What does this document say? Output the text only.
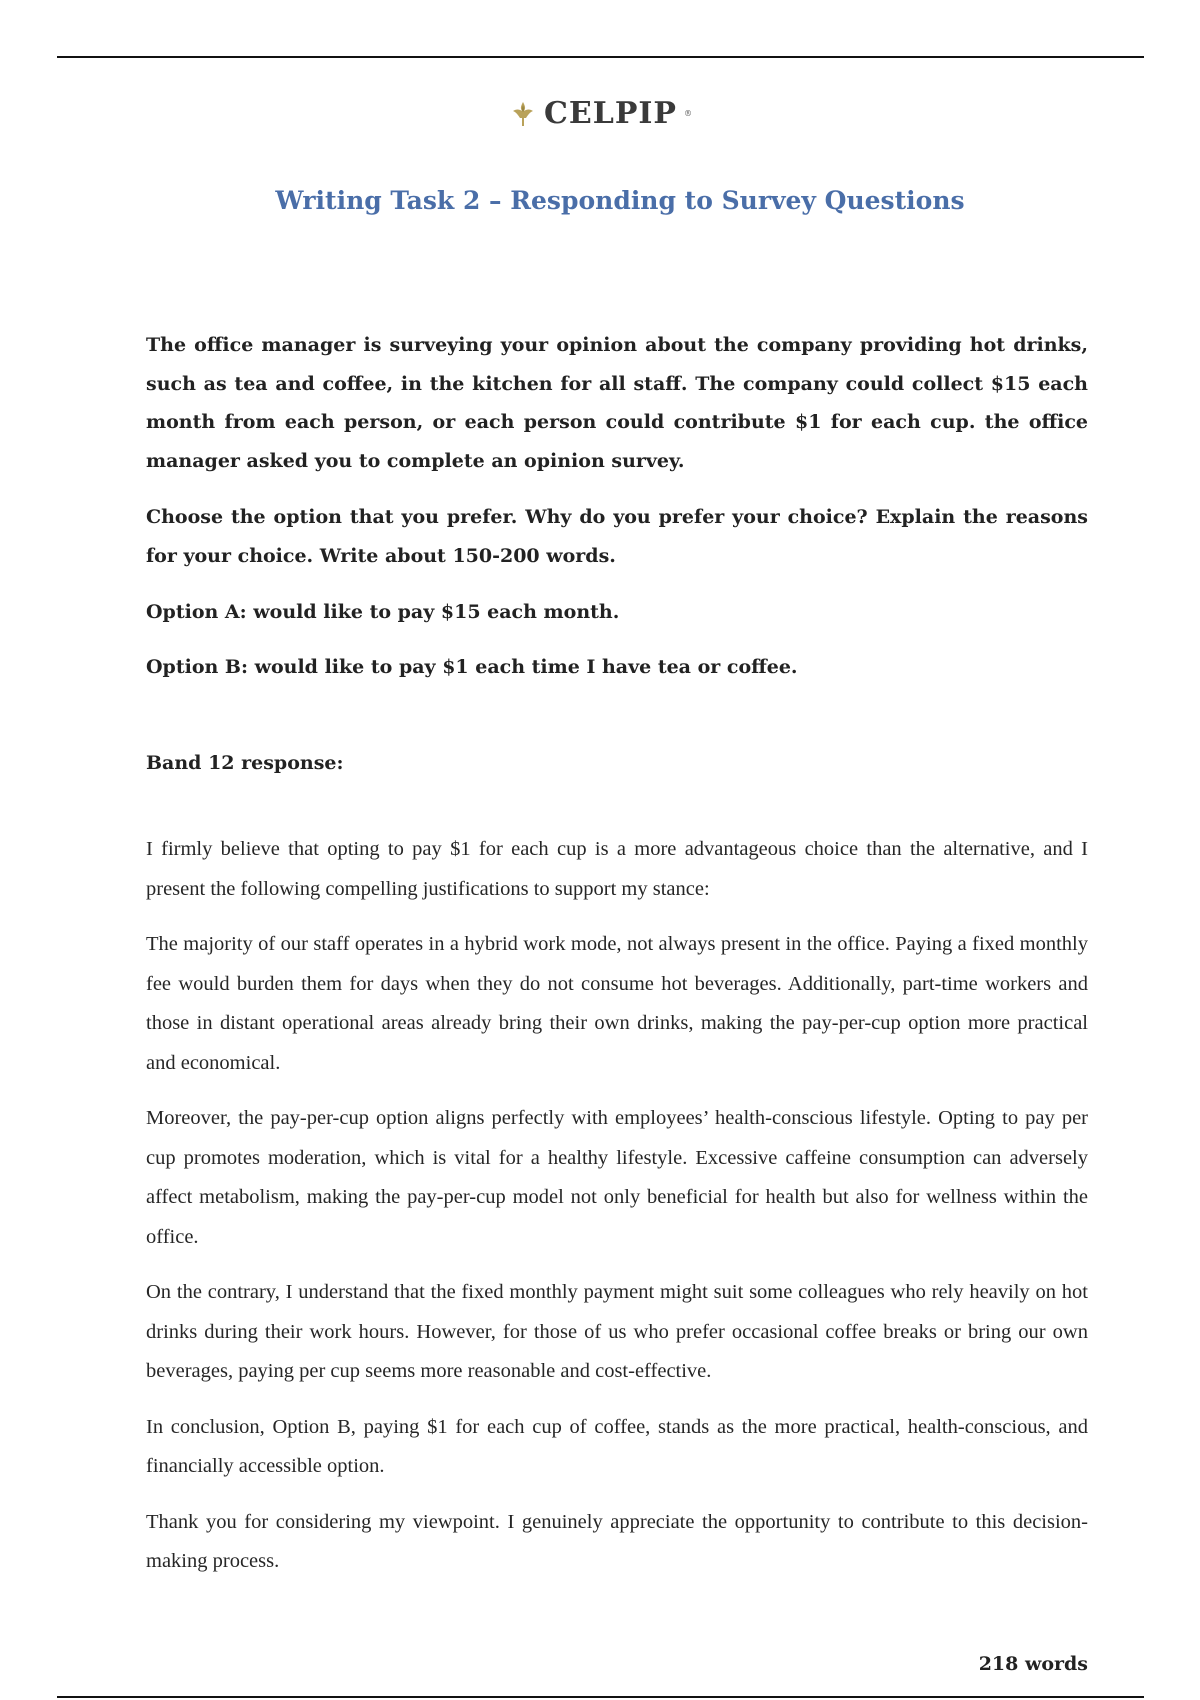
CELPIP ®
Writing Task 2 – Responding to Survey Questions

The office manager is surveying your opinion about the company providing hot drinks, such as tea and coffee, in the kitchen for all staff. The company could collect $15 each month from each person, or each person could contribute $1 for each cup. the office manager asked you to complete an opinion survey.

Choose the option that you prefer. Why do you prefer your choice? Explain the reasons for your choice. Write about 150-200 words.

Option A: would like to pay $15 each month.

Option B: would like to pay $1 each time I have tea or coffee.

Band 12 response:

I firmly believe that opting to pay $1 for each cup is a more advantageous choice than the alternative, and I present the following compelling justifications to support my stance:

The majority of our staff operates in a hybrid work mode, not always present in the office. Paying a fixed monthly fee would burden them for days when they do not consume hot beverages. Additionally, part-time workers and those in distant operational areas already bring their own drinks, making the pay-per-cup option more practical and economical.

Moreover, the pay-per-cup option aligns perfectly with employees’ health-conscious lifestyle. Opting to pay per cup promotes moderation, which is vital for a healthy lifestyle. Excessive caffeine consumption can adversely affect metabolism, making the pay-per-cup model not only beneficial for health but also for wellness within the office.

On the contrary, I understand that the fixed monthly payment might suit some colleagues who rely heavily on hot drinks during their work hours. However, for those of us who prefer occasional coffee breaks or bring our own beverages, paying per cup seems more reasonable and cost-effective.

In conclusion, Option B, paying $1 for each cup of coffee, stands as the more practical, health-conscious, and financially accessible option.

Thank you for considering my viewpoint. I genuinely appreciate the opportunity to contribute to this decision-making process.

218 words
